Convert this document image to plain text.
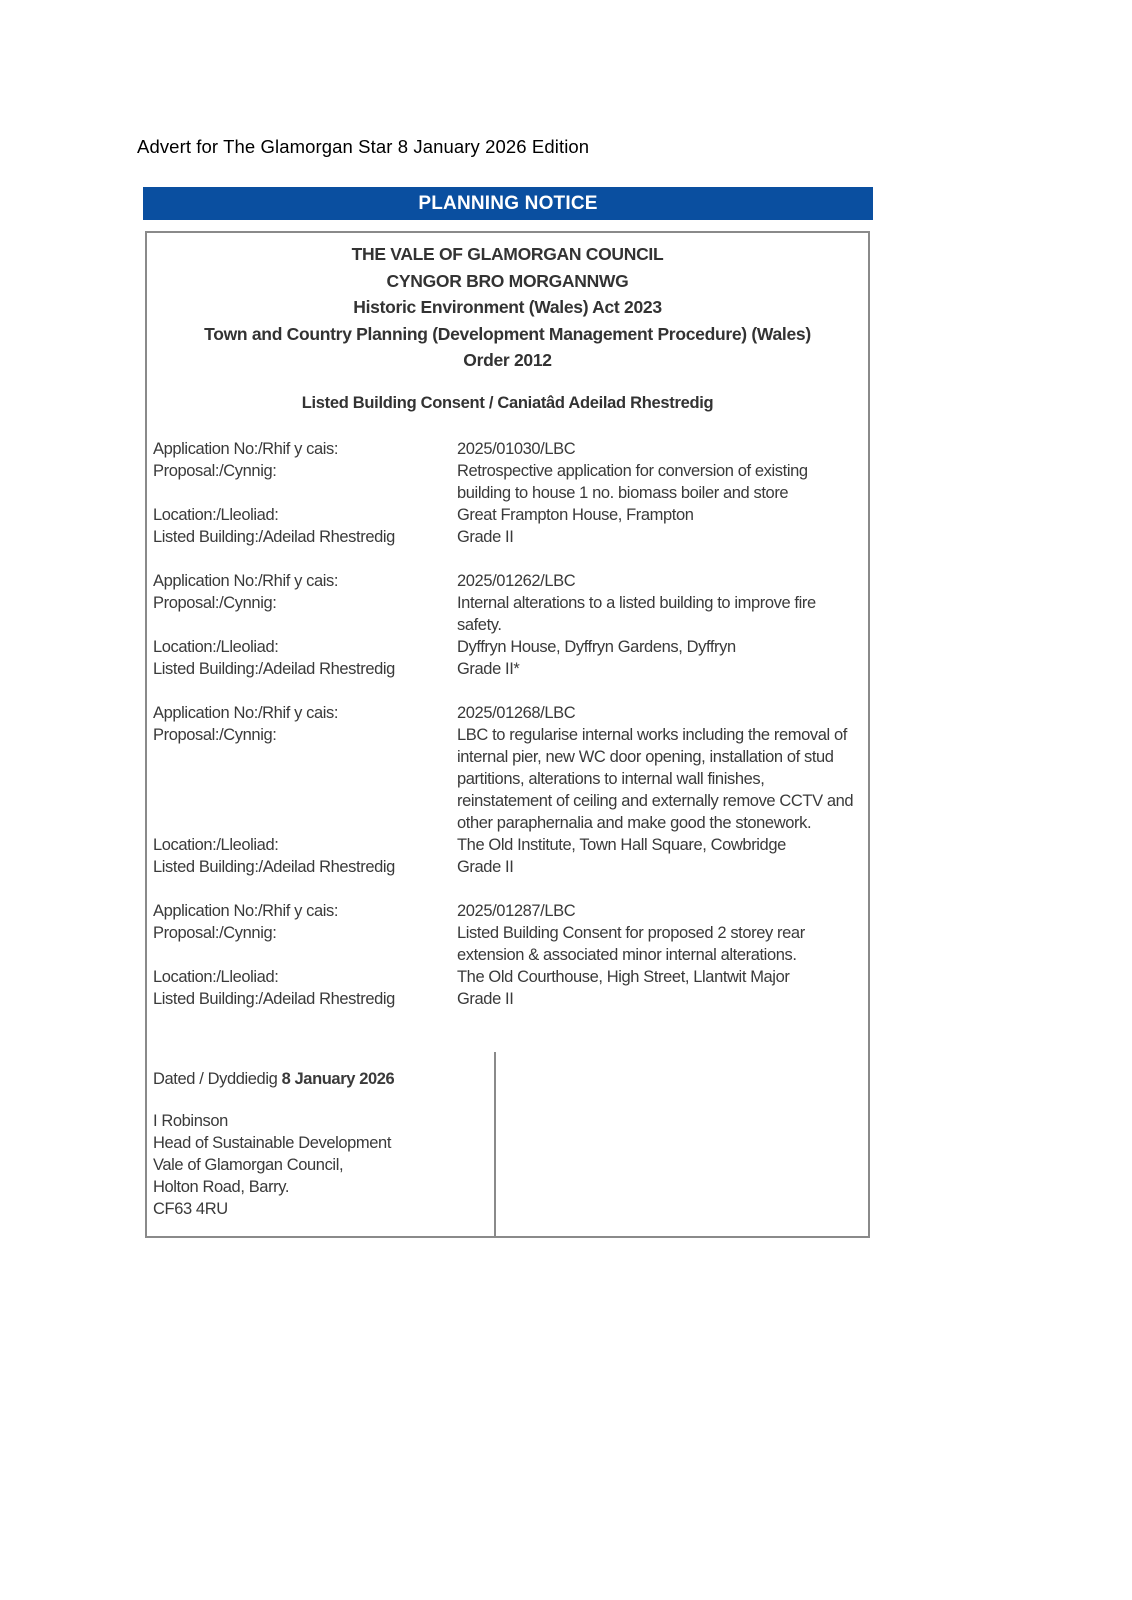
Advert for The Glamorgan Star 8 January 2026 Edition
PLANNING NOTICE
THE VALE OF GLAMORGAN COUNCIL
CYNGOR BRO MORGANNWG
Historic Environment (Wales) Act 2023
Town and Country Planning (Development Management Procedure) (Wales)
Order 2012
Listed Building Consent / Caniatâd Adeilad Rhestredig
Application No:/Rhif y cais:	2025/01030/LBC
Proposal:/Cynnig:	Retrospective application for conversion of existing building to house 1 no. biomass boiler and store
Location:/Lleoliad:	Great Frampton House, Frampton
Listed Building:/Adeilad Rhestredig	Grade II
Application No:/Rhif y cais:	2025/01262/LBC
Proposal:/Cynnig:	Internal alterations to a listed building to improve fire safety.
Location:/Lleoliad:	Dyffryn House, Dyffryn Gardens, Dyffryn
Listed Building:/Adeilad Rhestredig	Grade II*
Application No:/Rhif y cais:	2025/01268/LBC
Proposal:/Cynnig:	LBC to regularise internal works including the removal of internal pier, new WC door opening, installation of stud partitions, alterations to internal wall finishes, reinstatement of ceiling and externally remove CCTV and other paraphernalia and make good the stonework.
Location:/Lleoliad:	The Old Institute, Town Hall Square, Cowbridge
Listed Building:/Adeilad Rhestredig	Grade II
Application No:/Rhif y cais:	2025/01287/LBC
Proposal:/Cynnig:	Listed Building Consent for proposed 2 storey rear extension & associated minor internal alterations.
Location:/Lleoliad:	The Old Courthouse, High Street, Llantwit Major
Listed Building:/Adeilad Rhestredig	Grade II
Dated / Dyddiedig 8 January 2026
I Robinson
Head of Sustainable Development
Vale of Glamorgan Council,
Holton Road, Barry.
CF63 4RU
